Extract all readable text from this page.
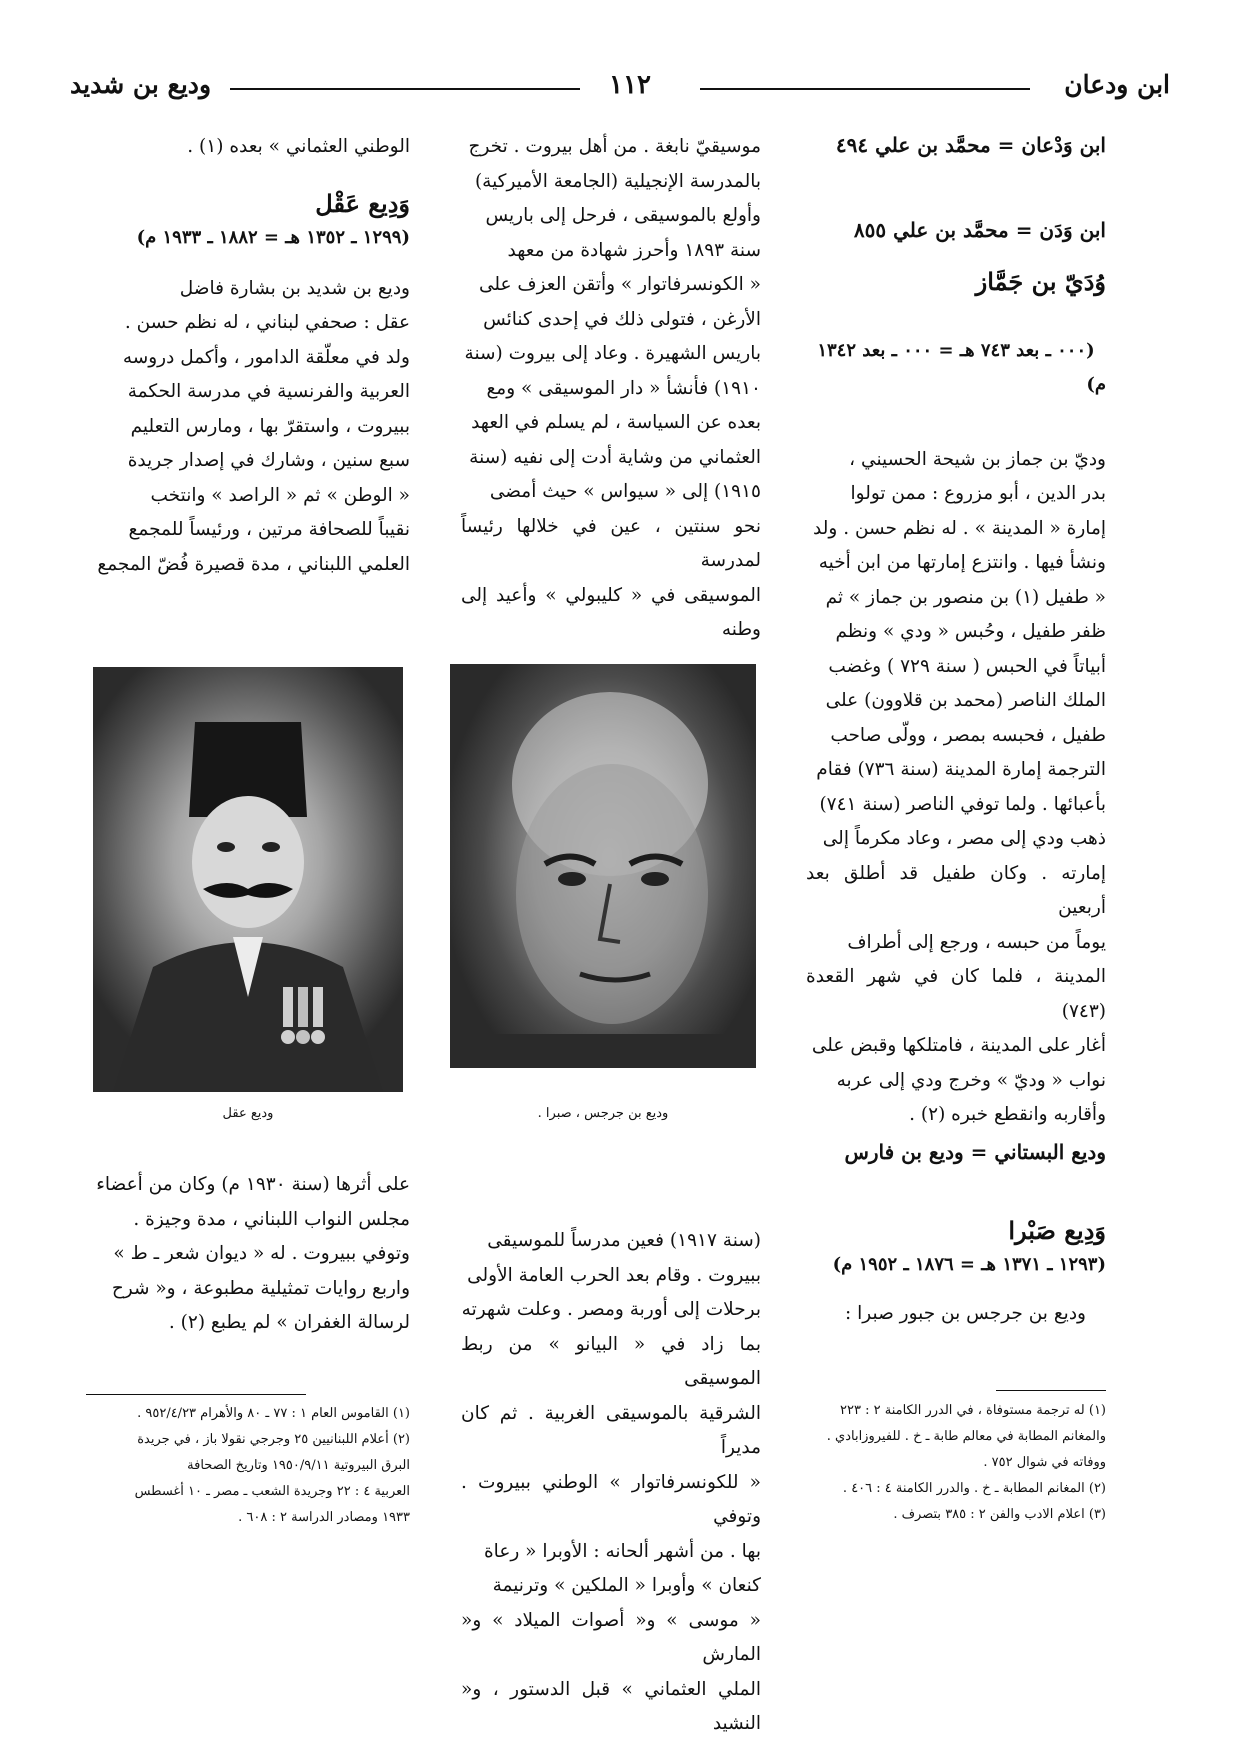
ابن ودعان
١١٢
وديع بن شديد

ابن وَدْعان = محمَّد بن علي ٤٩٤

ابن وَدَن = محمَّد بن علي ٨٥٥

وُدَيّ بن جَمَّاز

(٠٠٠ ـ بعد ٧٤٣ هـ = ٠٠٠ ـ بعد ١٣٤٢ م)

وديّ بن جماز بن شيحة الحسيني ،

بدر الدين ، أبو مزروع : ممن تولوا

إمارة « المدينة » . له نظم حسن . ولد

ونشأ فيها . وانتزع إمارتها من ابن أخيه

« طفيل (١) بن منصور بن جماز » ثم

ظفر طفيل ، وحُبس « ودي » ونظم

أبياتاً في الحبس ( سنة ٧٢٩ ) وغضب

الملك الناصر (محمد بن قلاوون) على

طفيل ، فحبسه بمصر ، وولّى صاحب

الترجمة إمارة المدينة (سنة ٧٣٦) فقام

بأعبائها . ولما توفي الناصر (سنة ٧٤١)

ذهب ودي إلى مصر ، وعاد مكرماً إلى

إمارته . وكان طفيل قد أطلق بعد أربعين

يوماً من حبسه ، ورجع إلى أطراف

المدينة ، فلما كان في شهر القعدة (٧٤٣)

أغار على المدينة ، فامتلكها وقبض على

نواب « وديّ » وخرج ودي إلى عربه

وأقاربه وانقطع خبره (٢) .

وديع البستاني = وديع بن فارس

وَدِيع صَبْرا

(١٢٩٣ ـ ١٣٧١ هـ = ١٨٧٦ ـ ١٩٥٢ م)

وديع بن جرجس بن جبور صبرا :

(١) له ترجمة مستوفاة ، في الدرر الكامنة ٢ : ٢٢٣
والمغانم المطابة في معالم طابة ـ خ . للفيروزابادي .
ووفاته في شوال ٧٥٢ .
(٢) المغانم المطابة ـ خ . والدرر الكامنة ٤ : ٤٠٦ .
(٣) اعلام الادب والفن ٢ : ٣٨٥ بتصرف .

موسيقيّ نابغة . من أهل بيروت . تخرج

بالمدرسة الإنجيلية (الجامعة الأميركية)

وأولع بالموسيقى ، فرحل إلى باريس

سنة ١٨٩٣ وأحرز شهادة من معهد

« الكونسرفاتوار » وأتقن العزف على

الأرغن ، فتولى ذلك في إحدى كنائس

باريس الشهيرة . وعاد إلى بيروت (سنة

١٩١٠) فأنشأ « دار الموسيقى » ومع

بعده عن السياسة ، لم يسلم في العهد

العثماني من وشاية أدت إلى نفيه (سنة

١٩١٥) إلى « سيواس » حيث أمضى

نحو سنتين ، عين في خلالها رئيساً لمدرسة

الموسيقى في « كليبولي » وأعيد إلى وطنه

وديع بن جرجس ، صبرا .

(سنة ١٩١٧) فعين مدرساً للموسيقى

ببيروت . وقام بعد الحرب العامة الأولى

برحلات إلى أوربة ومصر . وعلت شهرته

بما زاد في « البيانو » من ربط الموسيقى

الشرقية بالموسيقى الغربية . ثم كان مديراً

« للكونسرفاتوار » الوطني ببيروت . وتوفي

بها . من أشهر ألحانه : الأوبرا « رعاة

كنعان » وأوبرا « الملكين » وترنيمة

« موسى » و« أصوات الميلاد » و« المارش

الملي العثماني » قبل الدستور ، و« النشيد

الوطني العثماني » بعده (١) .

وَدِيع عَقْل

(١٢٩٩ ـ ١٣٥٢ هـ = ١٨٨٢ ـ ١٩٣٣ م)

وديع بن شديد بن بشارة فاضل

عقل : صحفي لبناني ، له نظم حسن .

ولد في معلّقة الدامور ، وأكمل دروسه

العربية والفرنسية في مدرسة الحكمة

ببيروت ، واستقرّ بها ، ومارس التعليم

سبع سنين ، وشارك في إصدار جريدة

« الوطن » ثم « الراصد » وانتخب

نقيباً للصحافة مرتين ، ورئيساً للمجمع

العلمي اللبناني ، مدة قصيرة فُضّ المجمع

وديع عقل

على أثرها (سنة ١٩٣٠ م) وكان من أعضاء

مجلس النواب اللبناني ، مدة وجيزة .

وتوفي ببيروت . له « ديوان شعر ـ ط »

واربع روايات تمثيلية مطبوعة ، و« شرح

لرسالة الغفران » لم يطبع (٢) .

(١) القاموس العام ١ : ٧٧ ـ ٨٠ والأهرام ٩٥٢/٤/٢٣ .
(٢) أعلام اللبنانيين ٢٥ وجرجي نقولا باز ، في جريدة
البرق البيروتية ١٩٥٠/٩/١١ وتاريخ الصحافة
العربية ٤ : ٢٢ وجريدة الشعب ـ مصر ـ ١٠ أغسطس
١٩٣٣ ومصادر الدراسة ٢ : ٦٠٨ .
